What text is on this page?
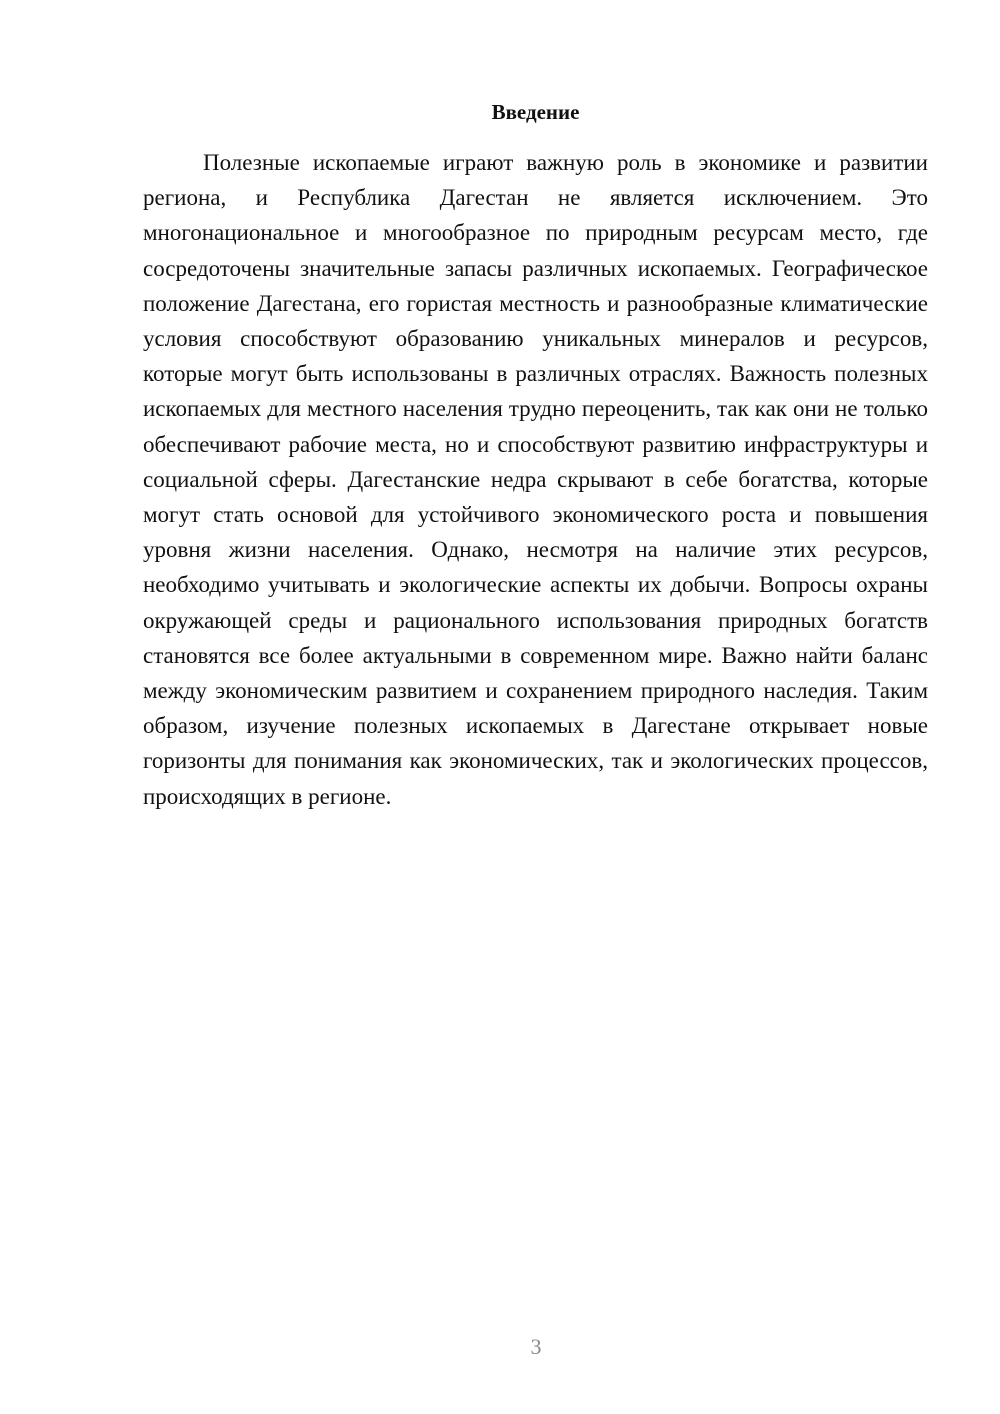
Введение

Полезные ископаемые играют важную роль в экономике и развитии региона, и Республика Дагестан не является исключением. Это многонациональное и многообразное по природным ресурсам место, где сосредоточены значительные запасы различных ископаемых. Географическое положение Дагестана, его гористая местность и разнообразные климатические условия способствуют образованию уникальных минералов и ресурсов, которые могут быть использованы в различных отраслях. Важность полезных ископаемых для местного населения трудно переоценить, так как они не только обеспечивают рабочие места, но и способствуют развитию инфраструктуры и социальной сферы. Дагестанские недра скрывают в себе богатства, которые могут стать основой для устойчивого экономического роста и повышения уровня жизни населения. Однако, несмотря на наличие этих ресурсов, необходимо учитывать и экологические аспекты их добычи. Вопросы охраны окружающей среды и рационального использования природных богатств становятся все более актуальными в современном мире. Важно найти баланс между экономическим развитием и сохранением природного наследия. Таким образом, изучение полезных ископаемых в Дагестане открывает новые горизонты для понимания как экономических, так и экологических процессов, происходящих в регионе.

3
